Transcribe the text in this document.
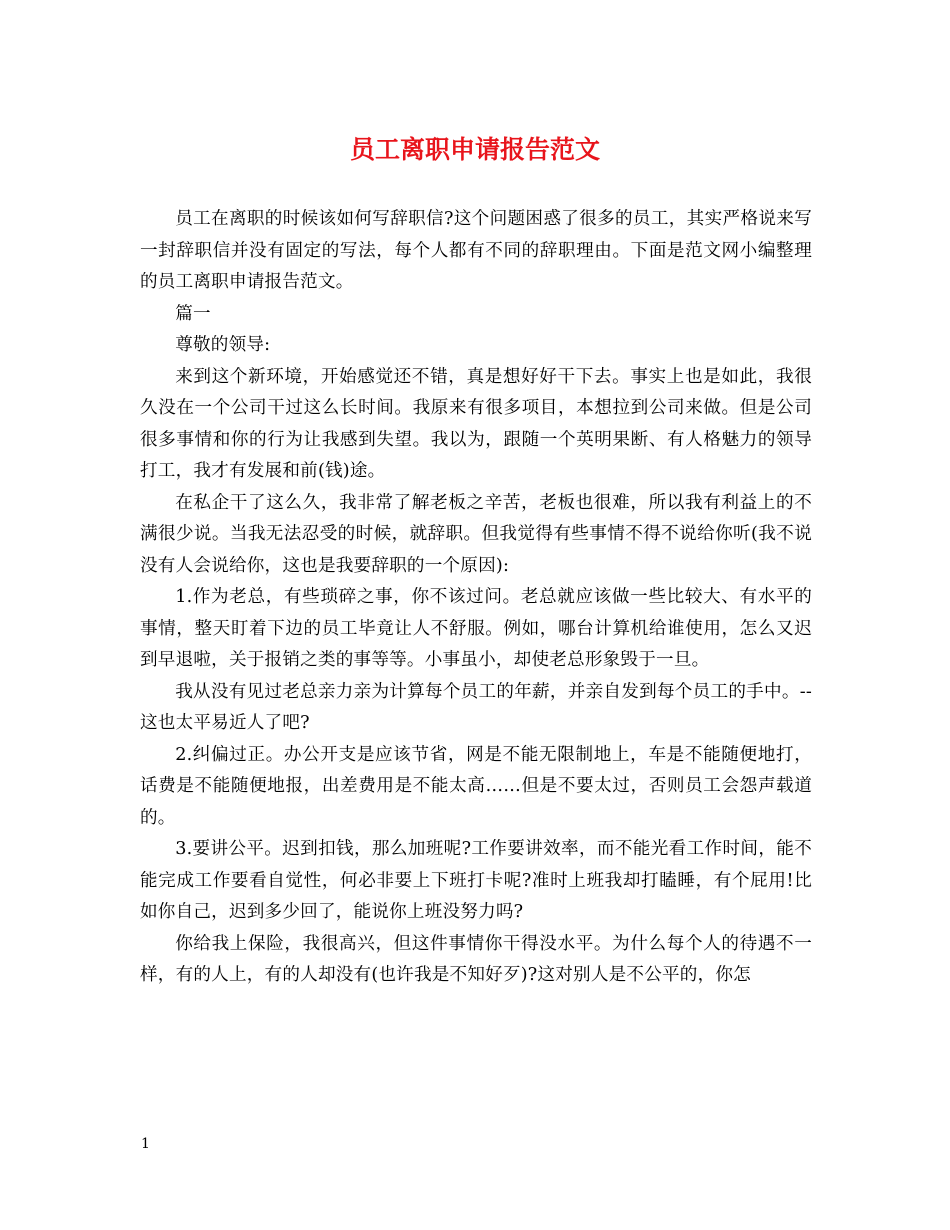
员工离职申请报告范文

员工在离职的时候该如何写辞职信?这个问题困惑了很多的员工，其实严格说来写一封辞职信并没有固定的写法，每个人都有不同的辞职理由。下面是范文网小编整理的员工离职申请报告范文。

篇一

尊敬的领导:

来到这个新环境，开始感觉还不错，真是想好好干下去。事实上也是如此，我很久没在一个公司干过这么长时间。我原来有很多项目，本想拉到公司来做。但是公司很多事情和你的行为让我感到失望。我以为，跟随一个英明果断、有人格魅力的领导打工，我才有发展和前(钱)途。

在私企干了这么久，我非常了解老板之辛苦，老板也很难，所以我有利益上的不满很少说。当我无法忍受的时候，就辞职。但我觉得有些事情不得不说给你听(我不说没有人会说给你，这也是我要辞职的一个原因):

1.作为老总，有些琐碎之事，你不该过问。老总就应该做一些比较大、有水平的事情，整天盯着下边的员工毕竟让人不舒服。例如，哪台计算机给谁使用，怎么又迟到早退啦，关于报销之类的事等等。小事虽小，却使老总形象毁于一旦。

我从没有见过老总亲力亲为计算每个员工的年薪，并亲自发到每个员工的手中。--这也太平易近人了吧?

2.纠偏过正。办公开支是应该节省，网是不能无限制地上，车是不能随便地打，话费是不能随便地报，出差费用是不能太高……但是不要太过，否则员工会怨声载道的。

3.要讲公平。迟到扣钱，那么加班呢?工作要讲效率，而不能光看工作时间，能不能完成工作要看自觉性，何必非要上下班打卡呢?准时上班我却打瞌睡，有个屁用!比如你自己，迟到多少回了，能说你上班没努力吗?

你给我上保险，我很高兴，但这件事情你干得没水平。为什么每个人的待遇不一样，有的人上，有的人却没有(也许我是不知好歹)?这对别人是不公平的，你怎

1
